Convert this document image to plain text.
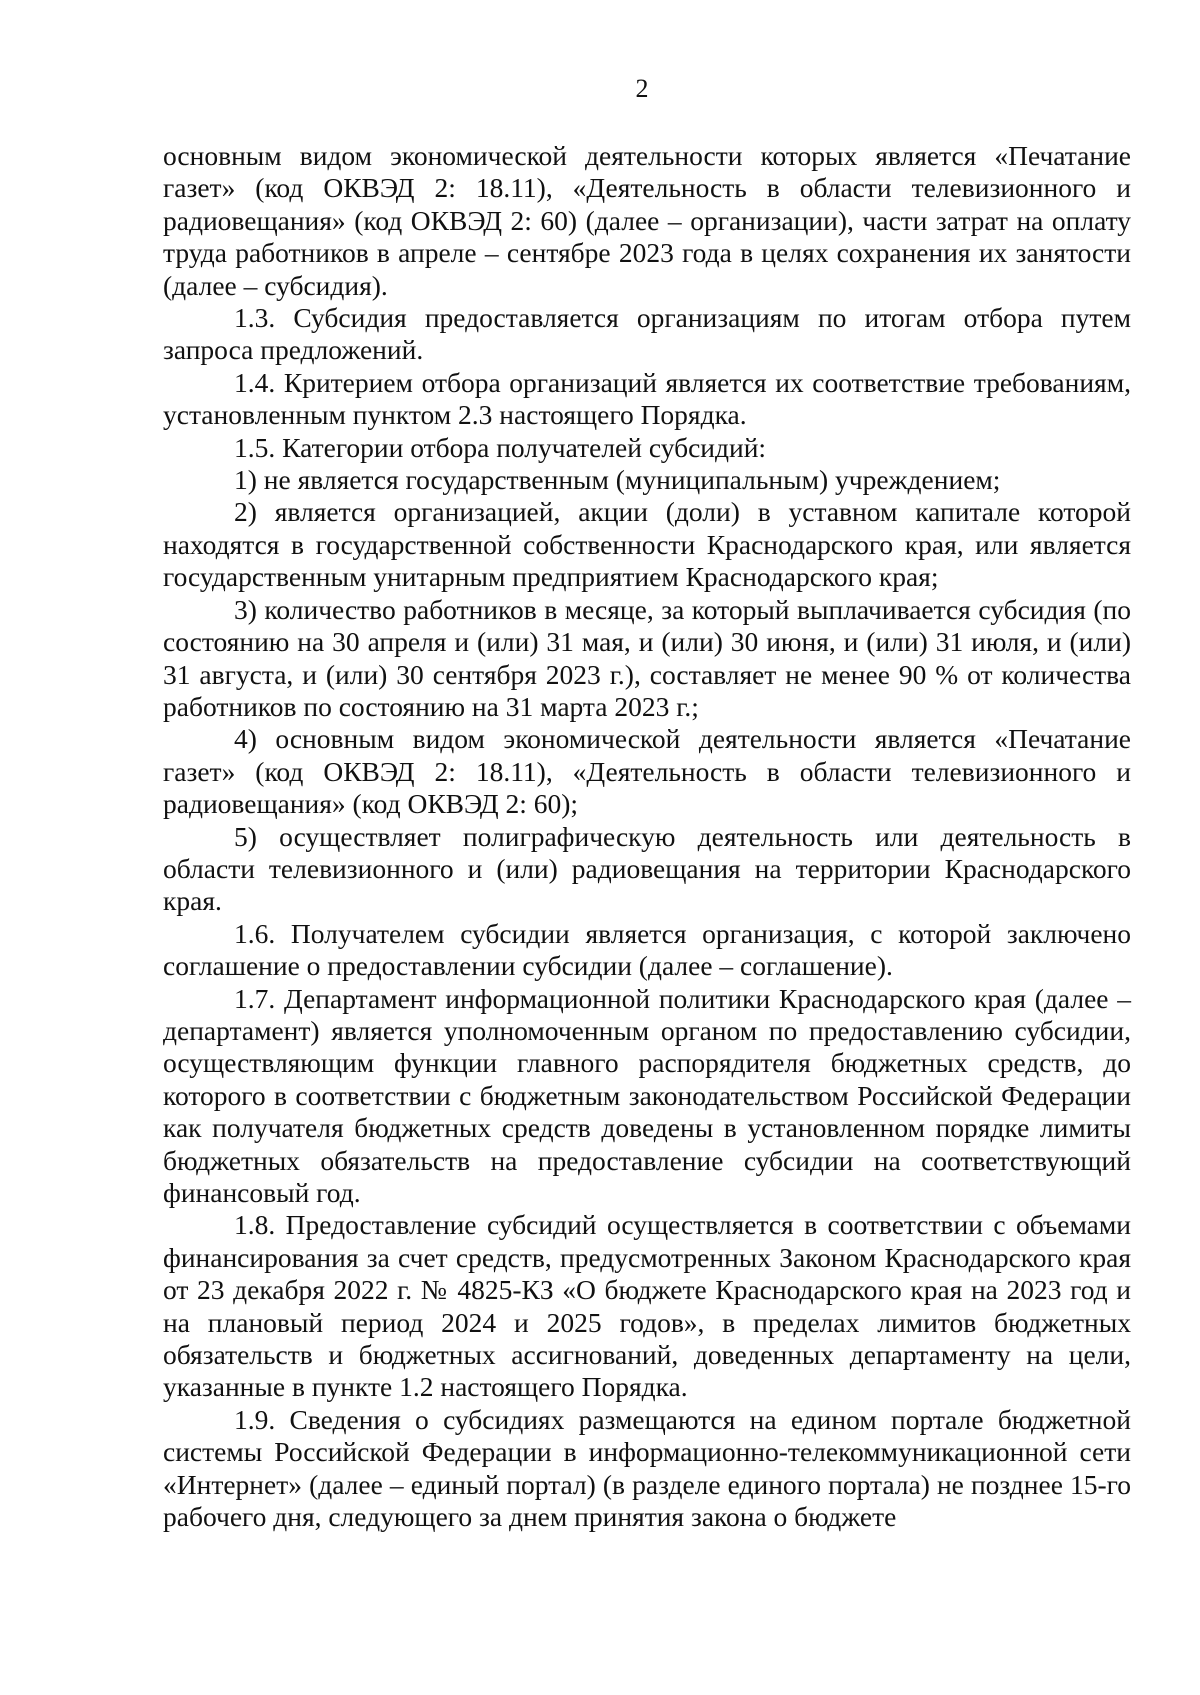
2

основным видом экономической деятельности которых является «Печатание газет» (код ОКВЭД 2: 18.11), «Деятельность в области телевизионного и радиовещания» (код ОКВЭД 2: 60) (далее – организации), части затрат на оплату труда работников в апреле – сентябре 2023 года в целях сохранения их занятости (далее – субсидия).

1.3. Субсидия предоставляется организациям по итогам отбора путем запроса предложений.

1.4. Критерием отбора организаций является их соответствие требованиям, установленным пунктом 2.3 настоящего Порядка.

1.5. Категории отбора получателей субсидий:

1) не является государственным (муниципальным) учреждением;

2) является организацией, акции (доли) в уставном капитале которой находятся в государственной собственности Краснодарского края, или является государственным унитарным предприятием Краснодарского края;

3) количество работников в месяце, за который выплачивается субсидия (по состоянию на 30 апреля и (или) 31 мая, и (или) 30 июня, и (или) 31 июля, и (или) 31 августа, и (или) 30 сентября 2023 г.), составляет не менее 90 % от количества работников по состоянию на 31 марта 2023 г.;

4) основным видом экономической деятельности является «Печатание газет» (код ОКВЭД 2: 18.11), «Деятельность в области телевизионного и радиовещания» (код ОКВЭД 2: 60);

5) осуществляет полиграфическую деятельность или деятельность в области телевизионного и (или) радиовещания на территории Краснодарского края.

1.6. Получателем субсидии является организация, с которой заключено соглашение о предоставлении субсидии (далее – соглашение).

1.7. Департамент информационной политики Краснодарского края (далее – департамент) является уполномоченным органом по предоставлению субсидии, осуществляющим функции главного распорядителя бюджетных средств, до которого в соответствии с бюджетным законодательством Российской Федерации как получателя бюджетных средств доведены в установленном порядке лимиты бюджетных обязательств на предоставление субсидии на соответствующий финансовый год.

1.8. Предоставление субсидий осуществляется в соответствии с объемами финансирования за счет средств, предусмотренных Законом Краснодарского края от 23 декабря 2022 г. № 4825-КЗ «О бюджете Краснодарского края на 2023 год и на плановый период 2024 и 2025 годов», в пределах лимитов бюджетных обязательств и бюджетных ассигнований, доведенных департаменту на цели, указанные в пункте 1.2 настоящего Порядка.

1.9. Сведения о субсидиях размещаются на едином портале бюджетной системы Российской Федерации в информационно-телекоммуникационной сети «Интернет» (далее – единый портал) (в разделе единого портала) не позднее 15-го рабочего дня, следующего за днем принятия закона о бюджете
